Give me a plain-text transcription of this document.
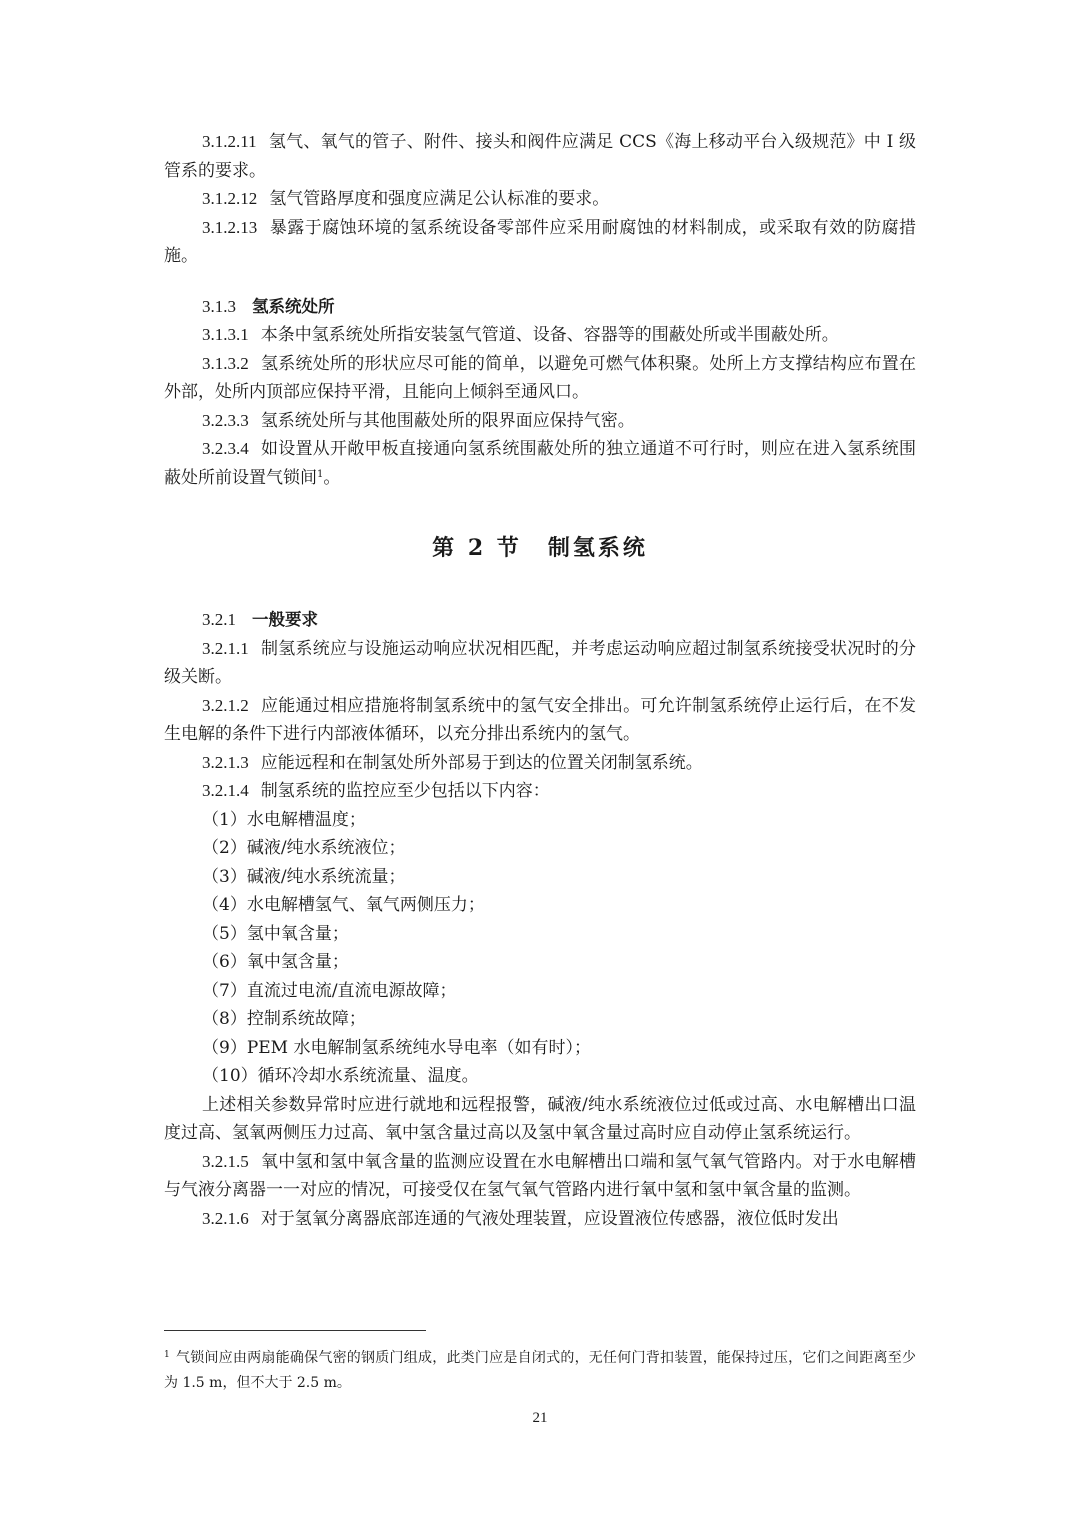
3.1.2.11 氢气、氧气的管子、附件、接头和阀件应满足 CCS《海上移动平台入级规范》中 I 级管系的要求。

3.1.2.12 氢气管路厚度和强度应满足公认标准的要求。

3.1.2.13 暴露于腐蚀环境的氢系统设备零部件应采用耐腐蚀的材料制成，或采取有效的防腐措施。

3.1.3 氢系统处所

3.1.3.1 本条中氢系统处所指安装氢气管道、设备、容器等的围蔽处所或半围蔽处所。

3.1.3.2 氢系统处所的形状应尽可能的简单，以避免可燃气体积聚。处所上方支撑结构应布置在外部，处所内顶部应保持平滑，且能向上倾斜至通风口。

3.2.3.3 氢系统处所与其他围蔽处所的限界面应保持气密。

3.2.3.4 如设置从开敞甲板直接通向氢系统围蔽处所的独立通道不可行时，则应在进入氢系统围蔽处所前设置气锁间$^1$。

第 2 节 制氢系统

3.2.1 一般要求

3.2.1.1 制氢系统应与设施运动响应状况相匹配，并考虑运动响应超过制氢系统接受状况时的分级关断。

3.2.1.2 应能通过相应措施将制氢系统中的氢气安全排出。可允许制氢系统停止运行后，在不发生电解的条件下进行内部液体循环，以充分排出系统内的氢气。

3.2.1.3 应能远程和在制氢处所外部易于到达的位置关闭制氢系统。

3.2.1.4 制氢系统的监控应至少包括以下内容：

（1）水电解槽温度；

（2）碱液/纯水系统液位；

（3）碱液/纯水系统流量；

（4）水电解槽氢气、氧气两侧压力；

（5）氢中氧含量；

（6）氧中氢含量；

（7）直流过电流/直流电源故障；

（8）控制系统故障；

（9）PEM 水电解制氢系统纯水导电率（如有时）；

（10）循环冷却水系统流量、温度。

上述相关参数异常时应进行就地和远程报警，碱液/纯水系统液位过低或过高、水电解槽出口温度过高、氢氧两侧压力过高、氧中氢含量过高以及氢中氧含量过高时应自动停止氢系统运行。

3.2.1.5 氧中氢和氢中氧含量的监测应设置在水电解槽出口端和氢气氧气管路内。对于水电解槽与气液分离器一一对应的情况，可接受仅在氢气氧气管路内进行氧中氢和氢中氧含量的监测。

3.2.1.6 对于氢氧分离器底部连通的气液处理装置，应设置液位传感器，液位低时发出

$^1$ 气锁间应由两扇能确保气密的钢质门组成，此类门应是自闭式的，无任何门背扣装置，能保持过压，它们之间距离至少为 1.5 m，但不大于 2.5 m。
21
